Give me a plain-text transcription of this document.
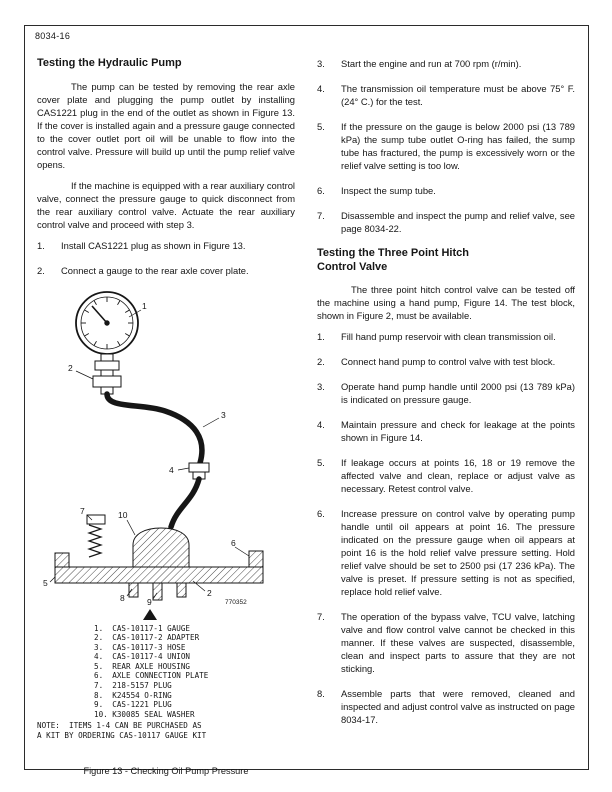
8034-16
Testing the Hydraulic Pump

The pump can be tested by removing the rear axle cover plate and plugging the pump outlet by installing CAS1221 plug in the end of the outlet as shown in Figure 13. If the cover is installed again and a pressure gauge connected to the cover outlet port oil will be unable to flow into the control valve. Pressure will build up until the pump relief valve opens.

If the machine is equipped with a rear auxiliary control valve, connect the pressure gauge to quick disconnect from the rear auxiliary control valve. Actuate the rear auxiliary control valve and proceed with step 3.

1.	Install CAS1221 plug as shown in Figure 13.
2.	Connect a gauge to the rear axle cover plate.
1
2
3
4
7	10
8	9
2
6
5
770352
1.  CAS-10117-1 GAUGE
2.  CAS-10117-2 ADAPTER
3.  CAS-10117-3 HOSE
4.  CAS-10117-4 UNION
5.  REAR AXLE HOUSING
6.  AXLE CONNECTION PLATE
7.  218-5157 PLUG
8.  K24554 O-RING
9.  CAS-1221 PLUG
10. K30085 SEAL WASHER
NOTE:  ITEMS 1-4 CAN BE PURCHASED AS
A KIT BY ORDERING CAS-10117 GAUGE KIT
Figure 13 - Checking Oil Pump Pressure
3.	Start the engine and run at 700 rpm (r/min).
4.	The transmission oil temperature must be above 75° F. (24° C.) for the test.
5.	If the pressure on the gauge is below 2000 psi (13 789 kPa) the sump tube outlet O-ring has failed, the sump tube has fractured, the pump is excessively worn or the relief valve setting is too low.
6.	Inspect the sump tube.
7.	Disassemble and inspect the pump and relief valve, see page 8034-22.
Testing the Three Point Hitch
Control Valve

The three point hitch control valve can be tested off the machine using a hand pump, Figure 14. The test block, shown in Figure 2, must be available.

1.	Fill hand pump reservoir with clean transmission oil.
2.	Connect hand pump to control valve with test block.
3.	Operate hand pump handle until 2000 psi (13 789 kPa) is indicated on pressure gauge.
4.	Maintain pressure and check for leakage at the points shown in Figure 14.
5.	If leakage occurs at points 16, 18 or 19 remove the affected valve and clean, replace or adjust valve as necessary. Retest control valve.
6.	Increase pressure on control valve by operating pump handle until oil appears at point 16. The pressure indicated on the pressure gauge when oil appears at point 16 is the hold relief valve pressure setting. Hold relief valve should be set to 2500 psi (17 236 kPa). The valve is preset. If pressure setting is not as specified, replace hold relief valve.
7.	The operation of the bypass valve, TCU valve, latching valve and flow control valve cannot be checked in this manner. If these valves are suspected, disassemble, clean and inspect parts to assure that they are not sticking.
8.	Assemble parts that were removed, cleaned and inspected and adjust control valve as instructed on page 8034-17.
